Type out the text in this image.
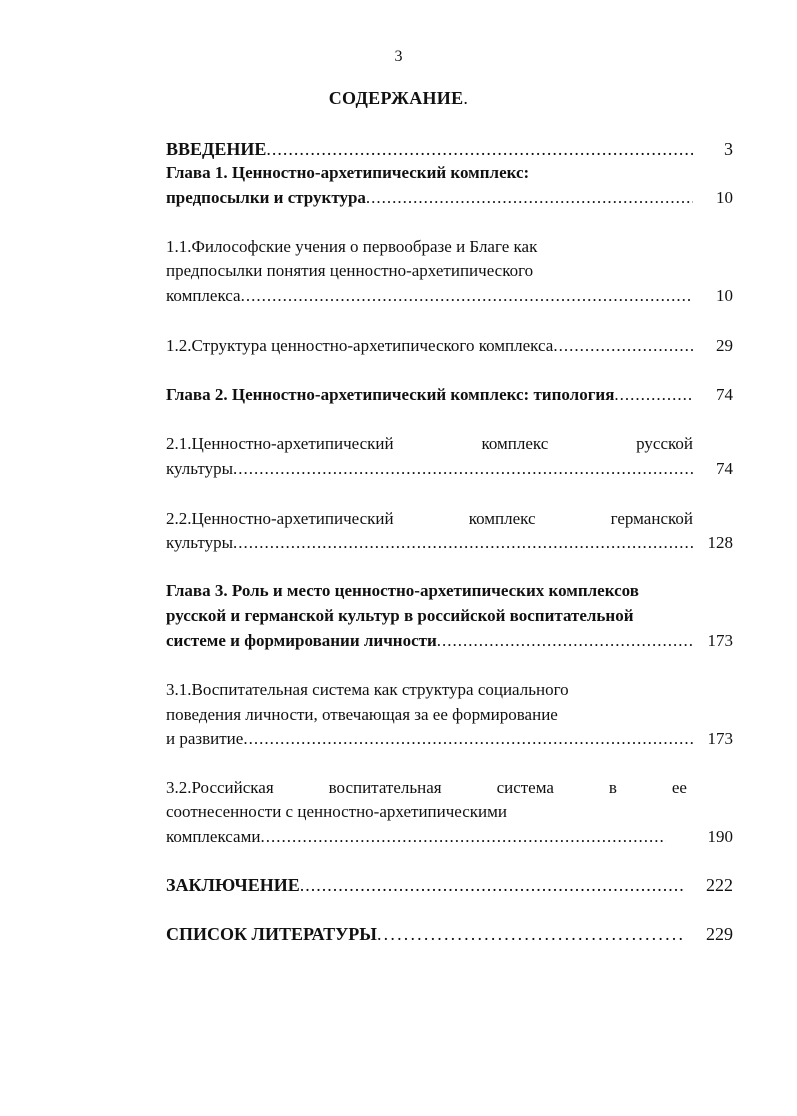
3
СОДЕРЖАНИЕ.
ВВЕДЕНИЕ .....	3
Глава 1. Ценностно-архетипический комплекс:
предпосылки и структура .....	10
1.1.Философские учения о первообразе и Благе как
предпосылки понятия ценностно-архетипического
комплекса .....	10
1.2.Структура ценностно-архетипического комплекса .....	29
Глава 2. Ценностно-архетипический комплекс: типология .....	74
2.1.Ценностно-архетипический	комплекс	русской
культуры .....	74
2.2.Ценностно-архетипический	комплекс	германской
культуры .....	128
Глава 3. Роль и место ценностно-архетипических комплексов
русской и германской культур в российской воспитательной
системе и формировании личности .....	173
3.1.Воспитательная система как структура социального
поведения личности, отвечающая за ее формирование
и развитие .....	173
3.2.Российская	воспитательная	система	в	ее
соотнесенности с ценностно-архетипическими
комплексами .....	190
ЗАКЛЮЧЕНИЕ .....	222
СПИСОК ЛИТЕРАТУРЫ .....	229
